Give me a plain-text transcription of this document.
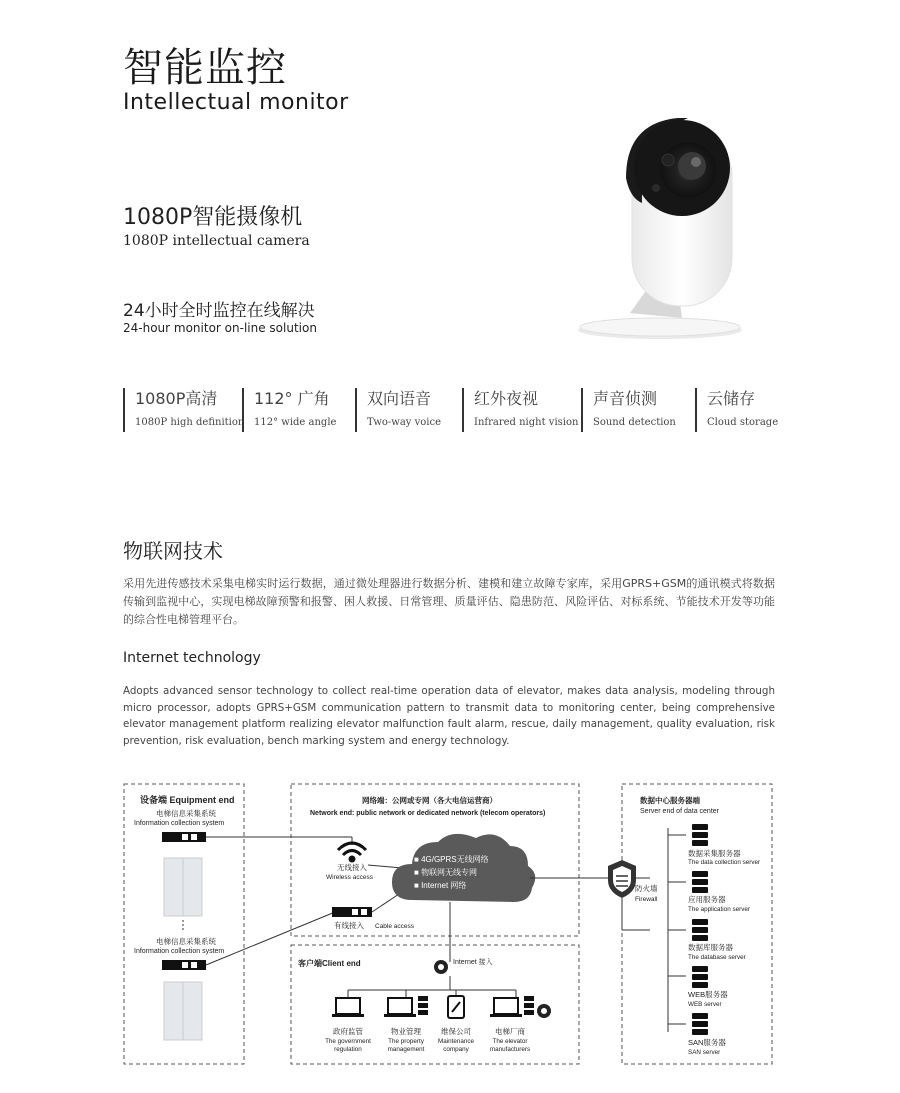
智能监控
Intellectual monitor
1080P智能摄像机
1080P intellectual camera
24小时全时监控在线解决
24-hour monitor on-line solution
1080P高清
1080P high definition
112° 广角
112° wide angle
双向语音
Two-way voice
红外夜视
Infrared night vision
声音侦测
Sound detection
云储存
Cloud storage
物联网技术
采用先进传感技术采集电梯实时运行数据，通过微处理器进行数据分析、建模和建立故障专家库，采用GPRS+GSM的通讯模式将数据传输到监视中心，实现电梯故障预警和报警、困人救援、日常管理、质量评估、隐患防范、风险评估、对标系统、节能技术开发等功能的综合性电梯管理平台。
Internet technology
Adopts advanced sensor technology to collect real-time operation data of elevator, makes data analysis, modeling through micro processor, adopts GPRS+GSM communication pattern to transmit data to monitoring center, being comprehensive elevator management platform realizing elevator malfunction fault alarm, rescue, daily management, quality evaluation, risk prevention, risk evaluation, bench marking system and energy technology.
设备端 Equipment end
电梯信息采集系统
Information collection system
电梯信息采集系统
Information collection system
网络端：公网或专网（各大电信运营商）
Network end: public network or dedicated network (telecom operators)
无线接入
Wireless access
有线接入 Cable access
■ 4G/GPRS无线网络
■ 物联网无线专网
■ Internet 网络	防火墙
Firewall
数据中心服务器端
Server end of data center
数据采集服务器
The data collection server
应用服务器
The application server
数据库服务器
The database server
WEB服务器
WEB server
SAN服务器
SAN server
客户端Client end	Internet 接入
政府监管
The government
regulation
物业管理
The property
management
维保公司
Maintenance
company
电梯厂商
The elevator
manufacturers
